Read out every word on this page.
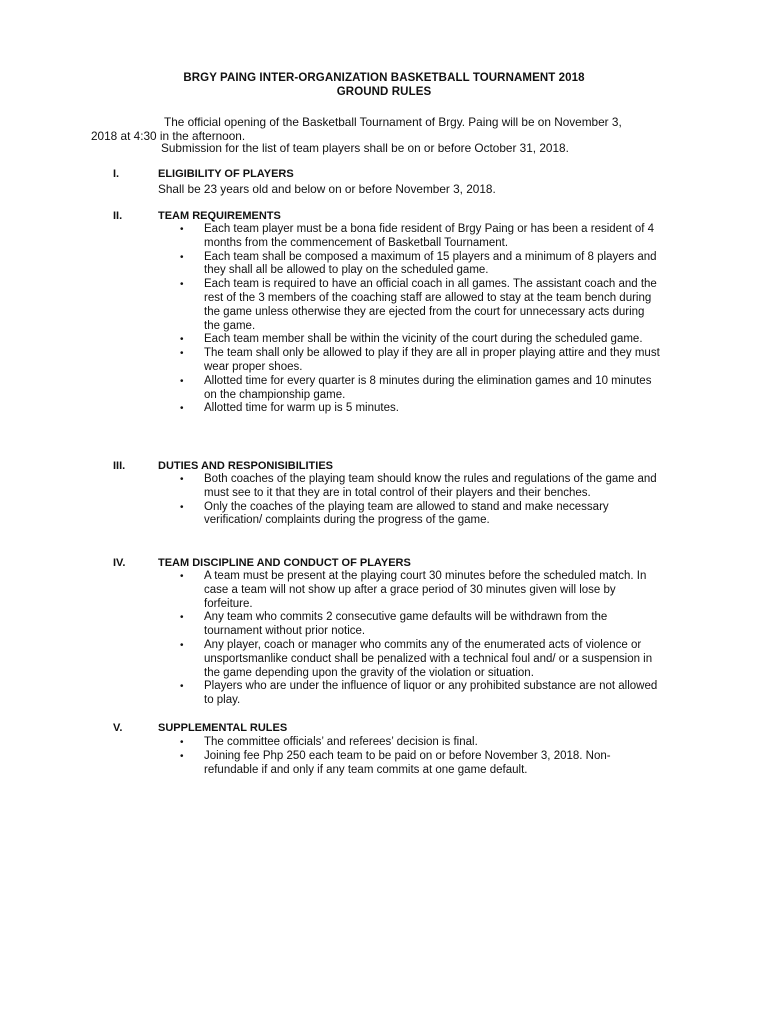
BRGY PAING INTER-ORGANIZATION BASKETBALL TOURNAMENT 2018
GROUND RULES
The official opening of the Basketball Tournament of Brgy. Paing will be on November 3,
2018 at 4:30 in the afternoon.
Submission for the list of team players shall be on or before October 31, 2018.
I.	ELIGIBILITY OF PLAYERS
Shall be 23 years old and below on or before November 3, 2018.
II.	TEAM REQUIREMENTS
• Each team player must be a bona fide resident of Brgy Paing or has been a resident of 4 months from the commencement of Basketball Tournament.
• Each team shall be composed a maximum of 15 players and a minimum of 8 players and they shall all be allowed to play on the scheduled game.
• Each team is required to have an official coach in all games. The assistant coach and the rest of the 3 members of the coaching staff are allowed to stay at the team bench during the game unless otherwise they are ejected from the court for unnecessary acts during the game.
• Each team member shall be within the vicinity of the court during the scheduled game.
• The team shall only be allowed to play if they are all in proper playing attire and they must wear proper shoes.
• Allotted time for every quarter is 8 minutes during the elimination games and 10 minutes on the championship game.
• Allotted time for warm up is 5 minutes.
III.	DUTIES AND RESPONISIBILITIES
• Both coaches of the playing team should know the rules and regulations of the game and must see to it that they are in total control of their players and their benches.
• Only the coaches of the playing team are allowed to stand and make necessary verification/ complaints during the progress of the game.
IV.	TEAM DISCIPLINE AND CONDUCT OF PLAYERS
• A team must be present at the playing court 30 minutes before the scheduled match. In case a team will not show up after a grace period of 30 minutes given will lose by forfeiture.
• Any team who commits 2 consecutive game defaults will be withdrawn from the tournament without prior notice.
• Any player, coach or manager who commits any of the enumerated acts of violence or unsportsmanlike conduct shall be penalized with a technical foul and/ or a suspension in the game depending upon the gravity of the violation or situation.
• Players who are under the influence of liquor or any prohibited substance are not allowed to play.
V.	SUPPLEMENTAL RULES
• The committee officials’ and referees’ decision is final.
• Joining fee Php 250 each team to be paid on or before November 3, 2018. Non-refundable if and only if any team commits at one game default.
